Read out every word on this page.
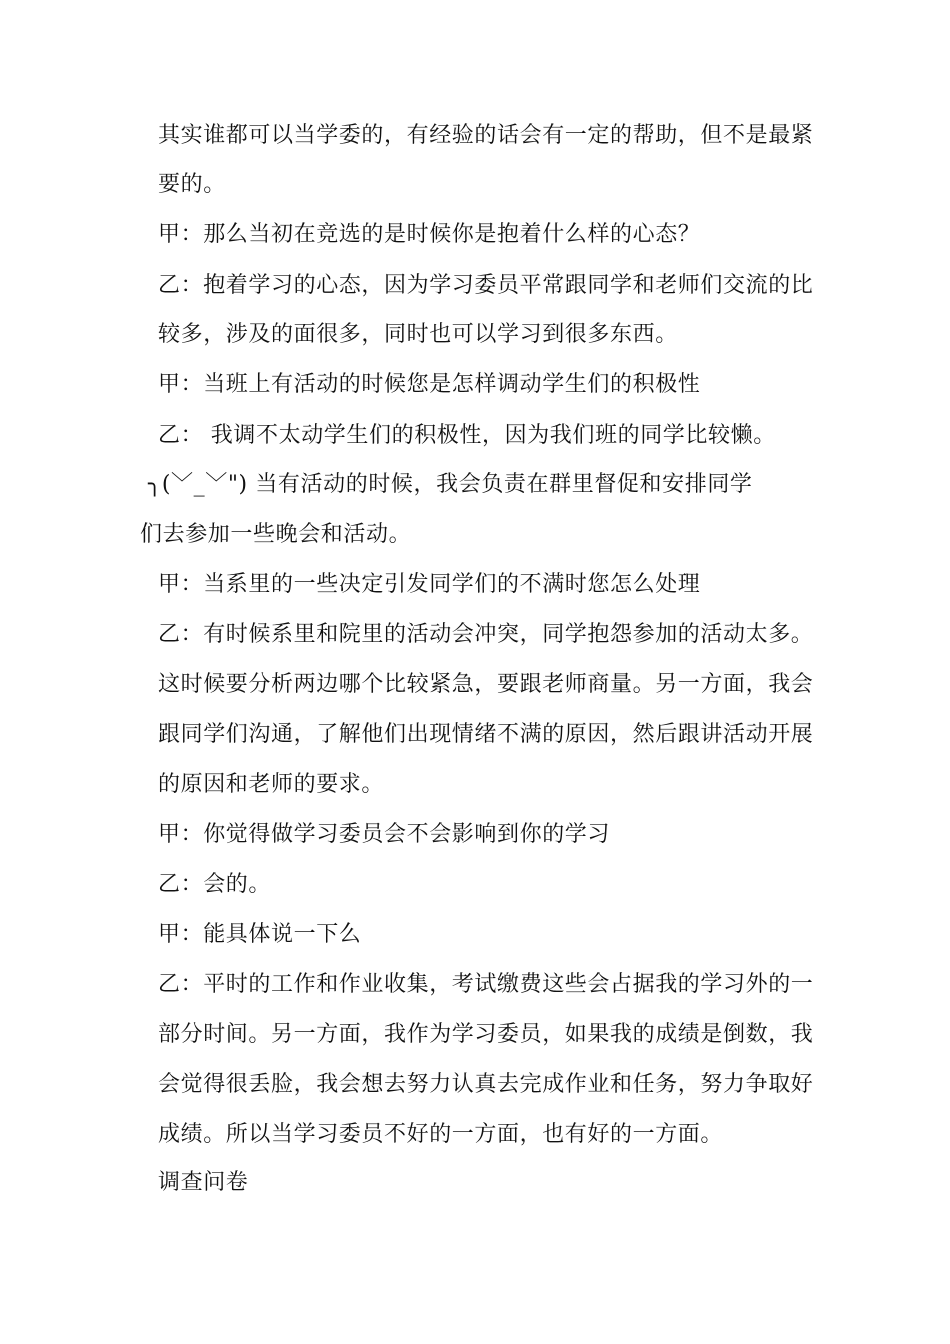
其实谁都可以当学委的，有经验的话会有一定的帮助，但不是最紧
要的。
甲：那么当初在竞选的是时候你是抱着什么样的心态？
乙：抱着学习的心态，因为学习委员平常跟同学和老师们交流的比
较多，涉及的面很多，同时也可以学习到很多东西。
甲：当班上有活动的时候您是怎样调动学生们的积极性
乙： 我调不太动学生们的积极性，因为我们班的同学比较懒。
╮(﹀_﹀") 当有活动的时候，我会负责在群里督促和安排同学
们去参加一些晚会和活动。
甲：当系里的一些决定引发同学们的不满时您怎么处理
乙：有时候系里和院里的活动会冲突，同学抱怨参加的活动太多。
这时候要分析两边哪个比较紧急，要跟老师商量。另一方面，我会
跟同学们沟通，了解他们出现情绪不满的原因，然后跟讲活动开展
的原因和老师的要求。
甲：你觉得做学习委员会不会影响到你的学习
乙：会的。
甲：能具体说一下么
乙：平时的工作和作业收集，考试缴费这些会占据我的学习外的一
部分时间。另一方面，我作为学习委员，如果我的成绩是倒数，我
会觉得很丢脸，我会想去努力认真去完成作业和任务，努力争取好
成绩。所以当学习委员不好的一方面，也有好的一方面。
调查问卷
